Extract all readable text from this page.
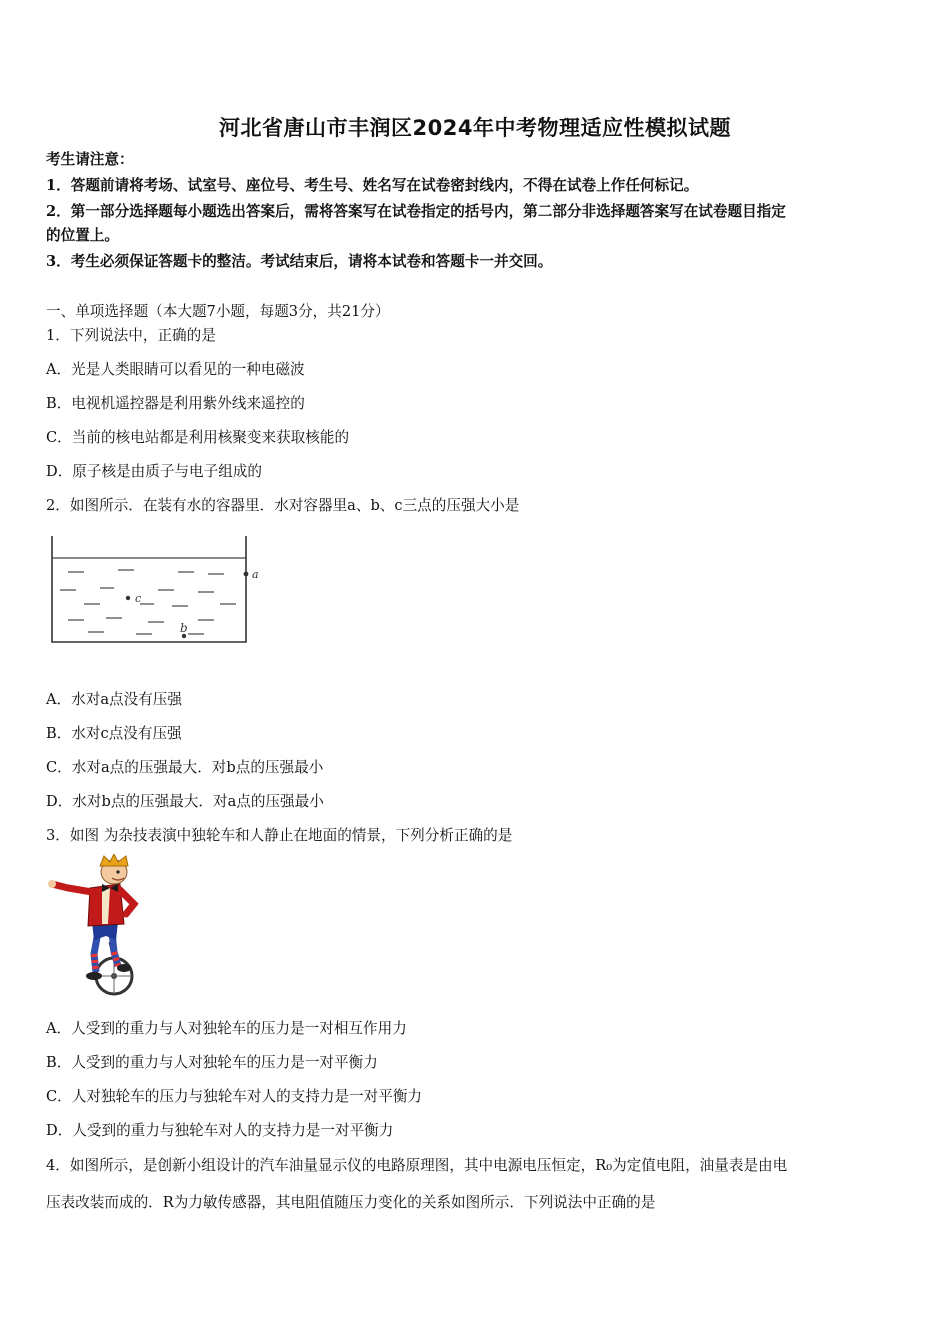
河北省唐山市丰润区2024年中考物理适应性模拟试题
考生请注意：
1．答题前请将考场、试室号、座位号、考生号、姓名写在试卷密封线内，不得在试卷上作任何标记。
2．第一部分选择题每小题选出答案后，需将答案写在试卷指定的括号内，第二部分非选择题答案写在试卷题目指定
的位置上。
3．考生必须保证答题卡的整洁。考试结束后，请将本试卷和答题卡一并交回。
一、单项选择题（本大题7小题，每题3分，共21分）
1．下列说法中，正确的是
A．光是人类眼睛可以看见的一种电磁波
B．电视机遥控器是利用紫外线来遥控的
C．当前的核电站都是利用核聚变来获取核能的
D．原子核是由质子与电子组成的
2．如图所示．在装有水的容器里．水对容器里a、b、c三点的压强大小是
c
b
a
A．水对a点没有压强
B．水对c点没有压强
C．水对a点的压强最大．对b点的压强最小
D．水对b点的压强最大．对a点的压强最小
3．如图 为杂技表演中独轮车和人静止在地面的情景，下列分析正确的是
A．人受到的重力与人对独轮车的压力是一对相互作用力
B．人受到的重力与人对独轮车的压力是一对平衡力
C．人对独轮车的压力与独轮车对人的支持力是一对平衡力
D．人受到的重力与独轮车对人的支持力是一对平衡力
4．如图所示，是创新小组设计的汽车油量显示仪的电路原理图，其中电源电压恒定，R₀为定值电阻，油量表是由电
压表改装而成的．R为力敏传感器，其电阻值随压力变化的关系如图所示．下列说法中正确的是
